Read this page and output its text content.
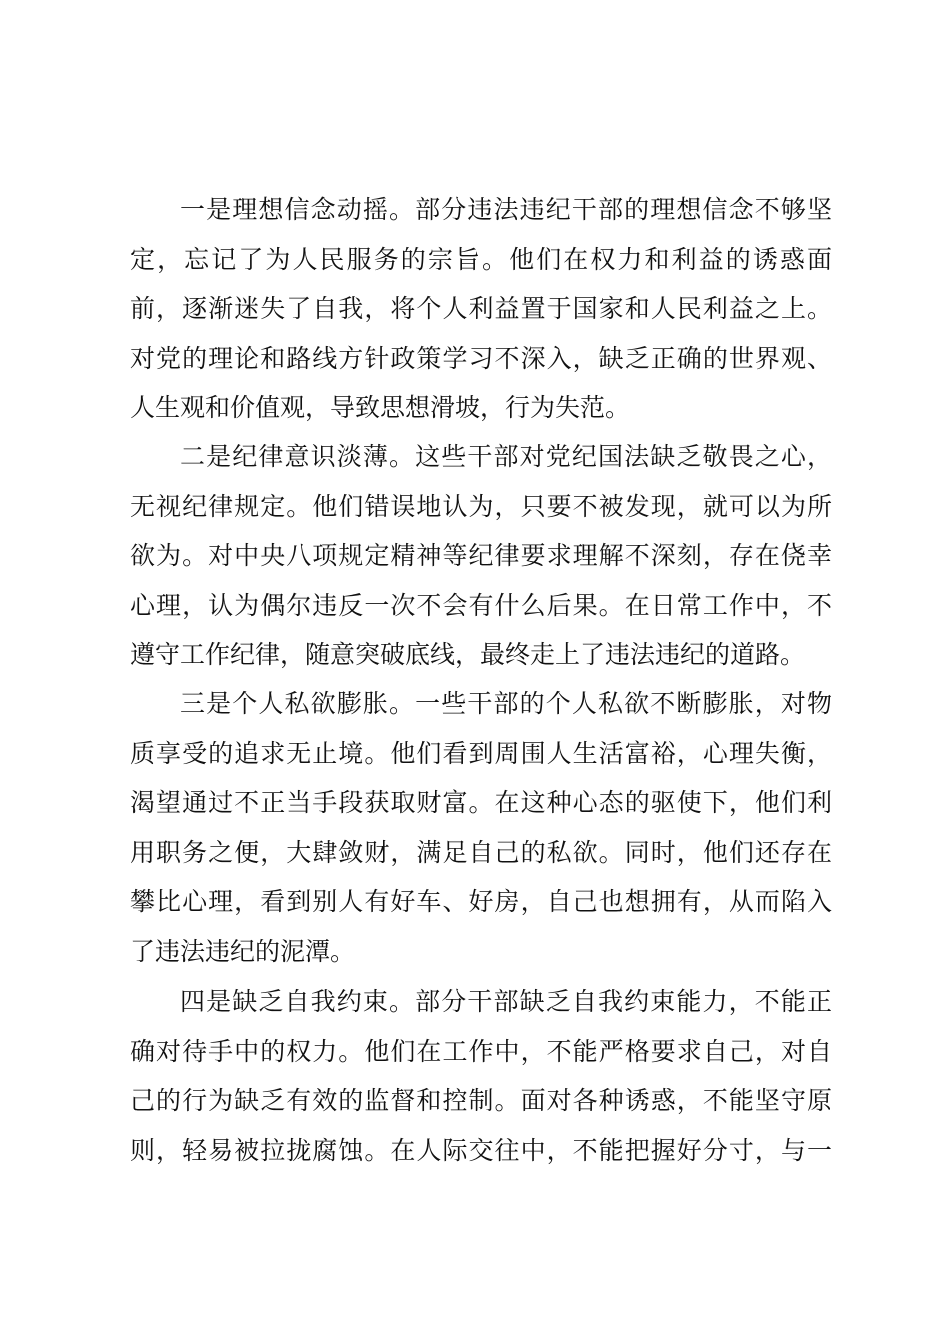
一是理想信念动摇。部分违法违纪干部的理想信念不够坚
定，忘记了为人民服务的宗旨。他们在权力和利益的诱惑面
前，逐渐迷失了自我，将个人利益置于国家和人民利益之上。
对党的理论和路线方针政策学习不深入，缺乏正确的世界观、
人生观和价值观，导致思想滑坡，行为失范。
二是纪律意识淡薄。这些干部对党纪国法缺乏敬畏之心，
无视纪律规定。他们错误地认为，只要不被发现，就可以为所
欲为。对中央八项规定精神等纪律要求理解不深刻，存在侥幸
心理，认为偶尔违反一次不会有什么后果。在日常工作中，不
遵守工作纪律，随意突破底线，最终走上了违法违纪的道路。
三是个人私欲膨胀。一些干部的个人私欲不断膨胀，对物
质享受的追求无止境。他们看到周围人生活富裕，心理失衡，
渴望通过不正当手段获取财富。在这种心态的驱使下，他们利
用职务之便，大肆敛财，满足自己的私欲。同时，他们还存在
攀比心理，看到别人有好车、好房，自己也想拥有，从而陷入
了违法违纪的泥潭。
四是缺乏自我约束。部分干部缺乏自我约束能力，不能正
确对待手中的权力。他们在工作中，不能严格要求自己，对自
己的行为缺乏有效的监督和控制。面对各种诱惑，不能坚守原
则，轻易被拉拢腐蚀。在人际交往中，不能把握好分寸，与一
